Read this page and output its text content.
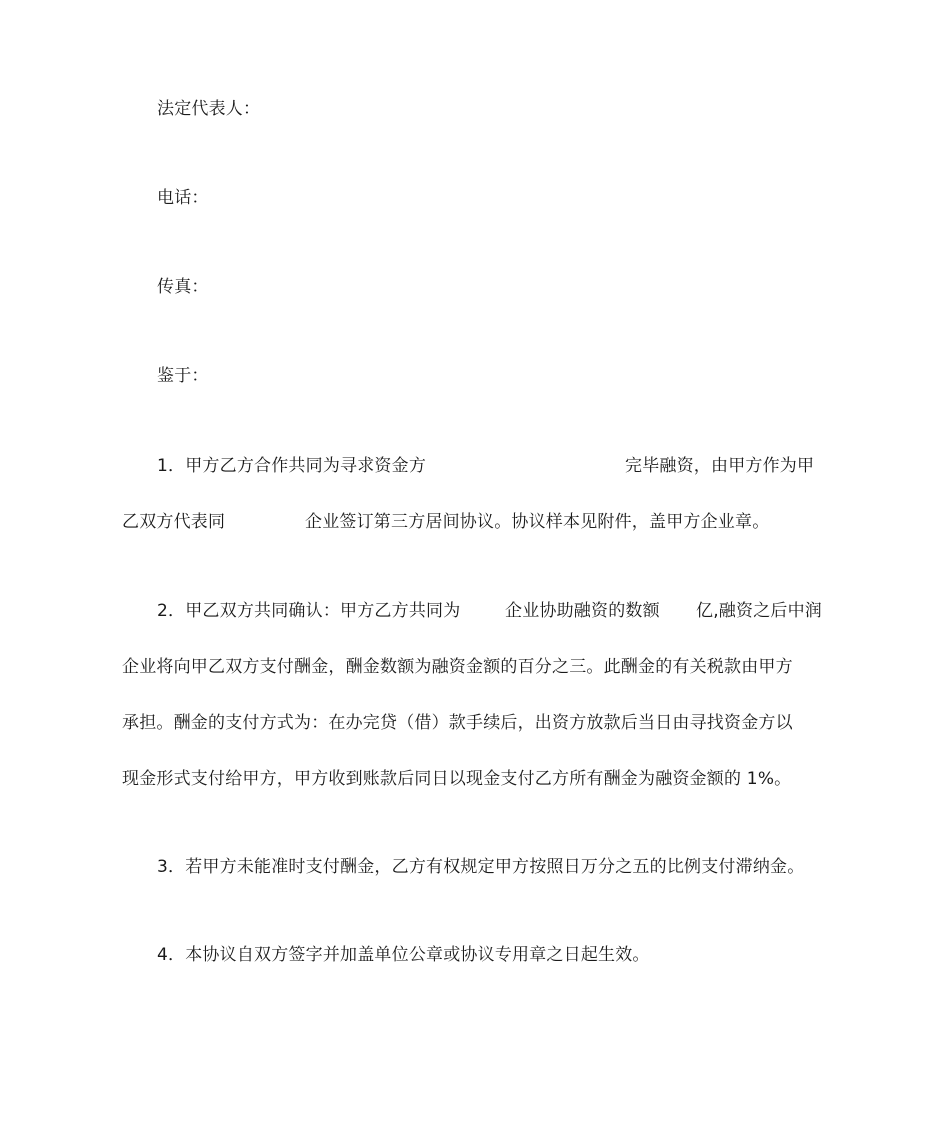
法定代表人：
电话：
传真：
鉴于：
1．甲方乙方合作共同为寻求资金方	完毕融资，由甲方作为甲
乙双方代表同	企业签订第三方居间协议。协议样本见附件，盖甲方企业章。
2．甲乙双方共同确认：甲方乙方共同为	企业协助融资的数额 亿,融资之后中润
企业将向甲乙双方支付酬金，酬金数额为融资金额的百分之三。此酬金的有关税款由甲方
承担。酬金的支付方式为：在办完贷（借）款手续后，出资方放款后当日由寻找资金方以
现金形式支付给甲方，甲方收到账款后同日以现金支付乙方所有酬金为融资金额的 1%。
3．若甲方未能准时支付酬金，乙方有权规定甲方按照日万分之五的比例支付滞纳金。
4．本协议自双方签字并加盖单位公章或协议专用章之日起生效。
